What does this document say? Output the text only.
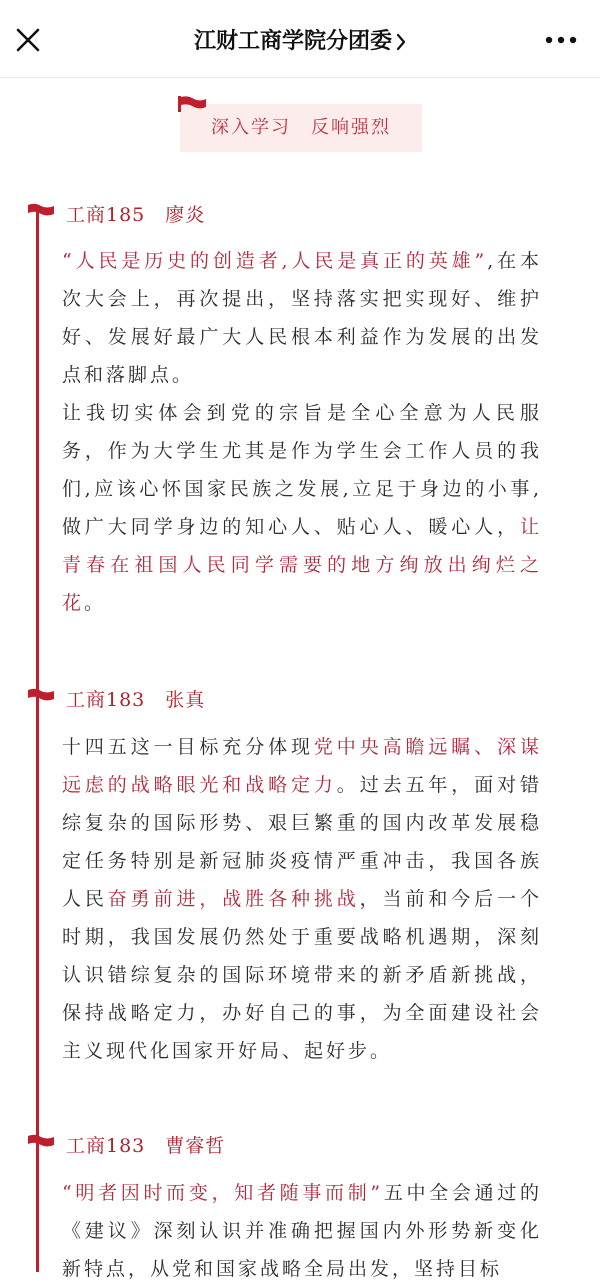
江财工商学院分团委
深入学习　反响强烈
工商185　廖炎

“人民是历史的创造者,人民是真正的英雄”,在本次大会上，再次提出，坚持落实把实现好、维护好、发展好最广大人民根本利益作为发展的出发点和落脚点。

让我切实体会到党的宗旨是全心全意为人民服务，作为大学生尤其是作为学生会工作人员的我们,应该心怀国家民族之发展,立足于身边的小事,做广大同学身边的知心人、贴心人、暖心人，让青春在祖国人民同学需要的地方绚放出绚烂之花。

工商183　张真

十四五这一目标充分体现党中央高瞻远瞩、深谋远虑的战略眼光和战略定力。过去五年，面对错综复杂的国际形势、艰巨繁重的国内改革发展稳定任务特别是新冠肺炎疫情严重冲击，我国各族人民奋勇前进，战胜各种挑战，当前和今后一个时期，我国发展仍然处于重要战略机遇期，深刻认识错综复杂的国际环境带来的新矛盾新挑战，保持战略定力，办好自己的事，为全面建设社会主义现代化国家开好局、起好步。

工商183　曹睿哲

“明者因时而变，知者随事而制”五中全会通过的《建议》深刻认识并准确把握国内外形势新变化新特点，从党和国家战略全局出发，坚持目标
